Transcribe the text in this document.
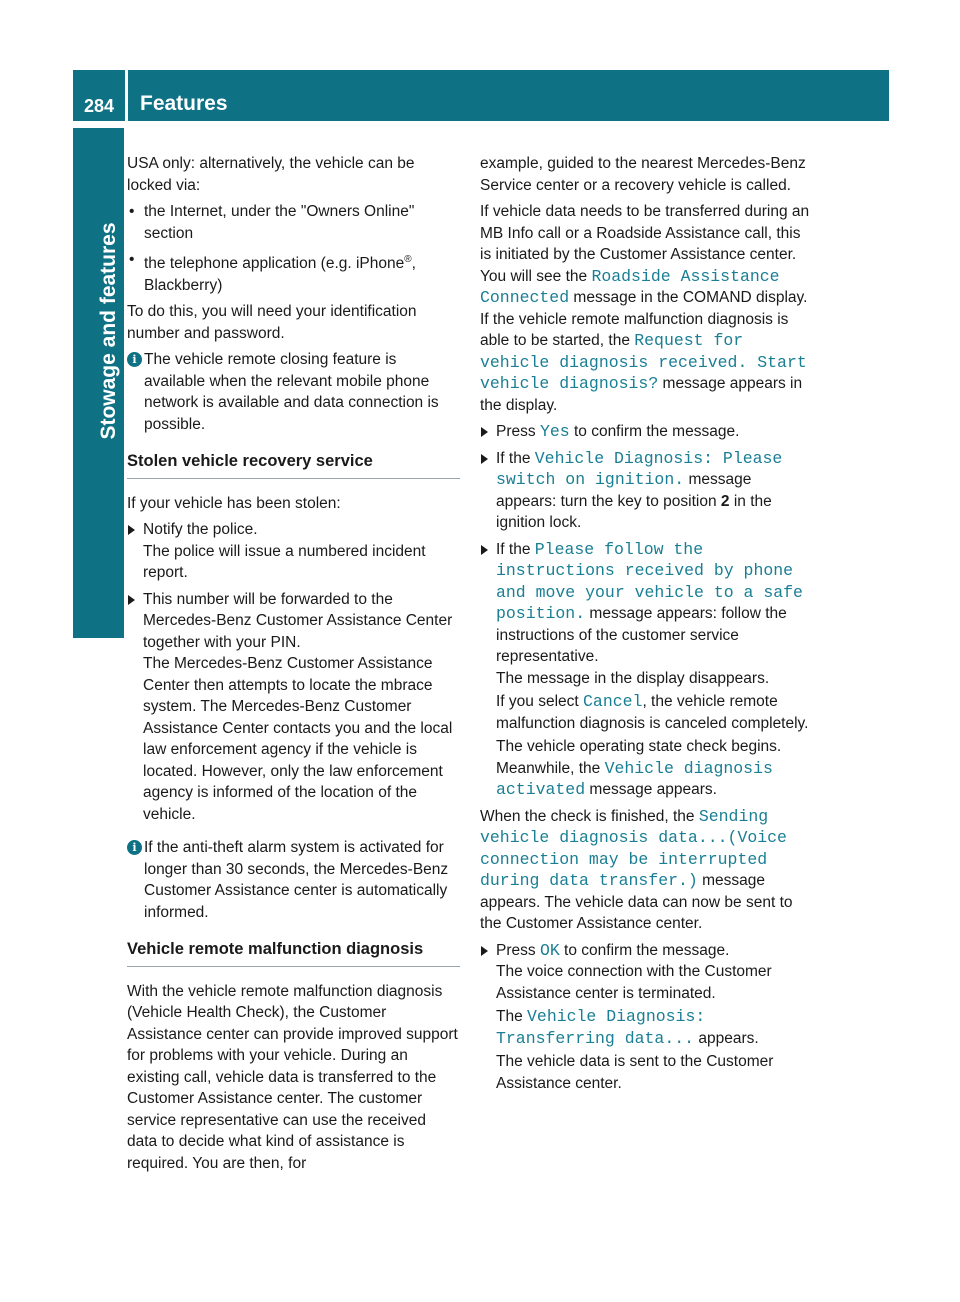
284	Features
Stowage and features

USA only: alternatively, the vehicle can be locked via:

• the Internet, under the "Owners Online" section
• the telephone application (e.g. iPhone®, Blackberry)

To do this, you will need your identification number and password.

i The vehicle remote closing feature is available when the relevant mobile phone network is available and data connection is possible.
Stolen vehicle recovery service

If your vehicle has been stolen:

Notify the police.
The police will issue a numbered incident report.
This number will be forwarded to the Mercedes-Benz Customer Assistance Center together with your PIN.
The Mercedes-Benz Customer Assistance Center then attempts to locate the mbrace system. The Mercedes-Benz Customer Assistance Center contacts you and the local law enforcement agency if the vehicle is located. However, only the law enforcement agency is informed of the location of the vehicle.
i If the anti-theft alarm system is activated for longer than 30 seconds, the Mercedes-Benz Customer Assistance center is automatically informed.
Vehicle remote malfunction diagnosis

With the vehicle remote malfunction diagnosis (Vehicle Health Check), the Customer Assistance center can provide improved support for problems with your vehicle. During an existing call, vehicle data is transferred to the Customer Assistance center. The customer service representative can use the received data to decide what kind of assistance is required. You are then, for

example, guided to the nearest Mercedes-Benz Service center or a recovery vehicle is called.

If vehicle data needs to be transferred during an MB Info call or a Roadside Assistance call, this is initiated by the Customer Assistance center. You will see the Roadside Assistance Connected message in the COMAND display. If the vehicle remote malfunction diagnosis is able to be started, the Request for vehicle diagnosis received. Start vehicle diagnosis? message appears in the display.

Press Yes to confirm the message.
If the Vehicle Diagnosis: Please switch on ignition. message appears: turn the key to position 2 in the ignition lock.
If the Please follow the instructions received by phone and move your vehicle to a safe position. message appears: follow the instructions of the customer service representative.
The message in the display disappears.
If you select Cancel, the vehicle remote malfunction diagnosis is canceled completely.
The vehicle operating state check begins. Meanwhile, the Vehicle diagnosis activated message appears.

When the check is finished, the Sending vehicle diagnosis data...(Voice connection may be interrupted during data transfer.) message appears. The vehicle data can now be sent to the Customer Assistance center.

Press OK to confirm the message.
The voice connection with the Customer Assistance center is terminated.
The Vehicle Diagnosis: Transferring data... appears.
The vehicle data is sent to the Customer Assistance center.
